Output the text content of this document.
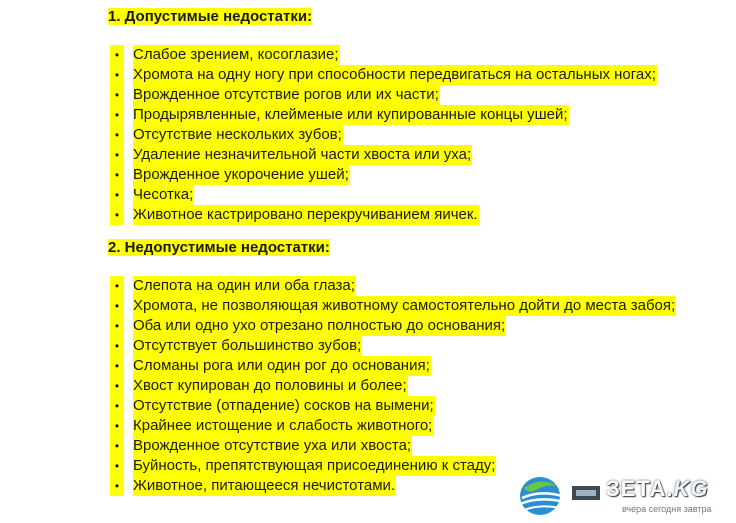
1. Допустимые недостатки:
• Слабое зрением, косоглазие;
• Хромота на одну ногу при способности передвигаться на остальных ногах;
• Врожденное отсутствие рогов или их части;
• Продырявленные, клейменые или купированные концы ушей;
• Отсутствие нескольких зубов;
• Удаление незначительной части хвоста или уха;
• Врожденное укорочение ушей;
• Чесотка;
• Животное кастрировано перекручиванием яичек.
2. Недопустимые недостатки:
• Слепота на один или оба глаза;
• Хромота, не позволяющая животному самостоятельно дойти до места забоя;
• Оба или одно ухо отрезано полностью до основания;
• Отсутствует большинство зубов;
• Сломаны рога или один рог до основания;
• Хвост купирован до половины и более;
• Отсутствие (отпадение) сосков на вымени;
• Крайнее истощение и слабость животного;
• Врожденное отсутствие уха или хвоста;
• Буйность, препятствующая присоединению к стаду;
• Животное, питающееся нечистотами.	ЗЕТА.KG
вчера сегодня завтра
